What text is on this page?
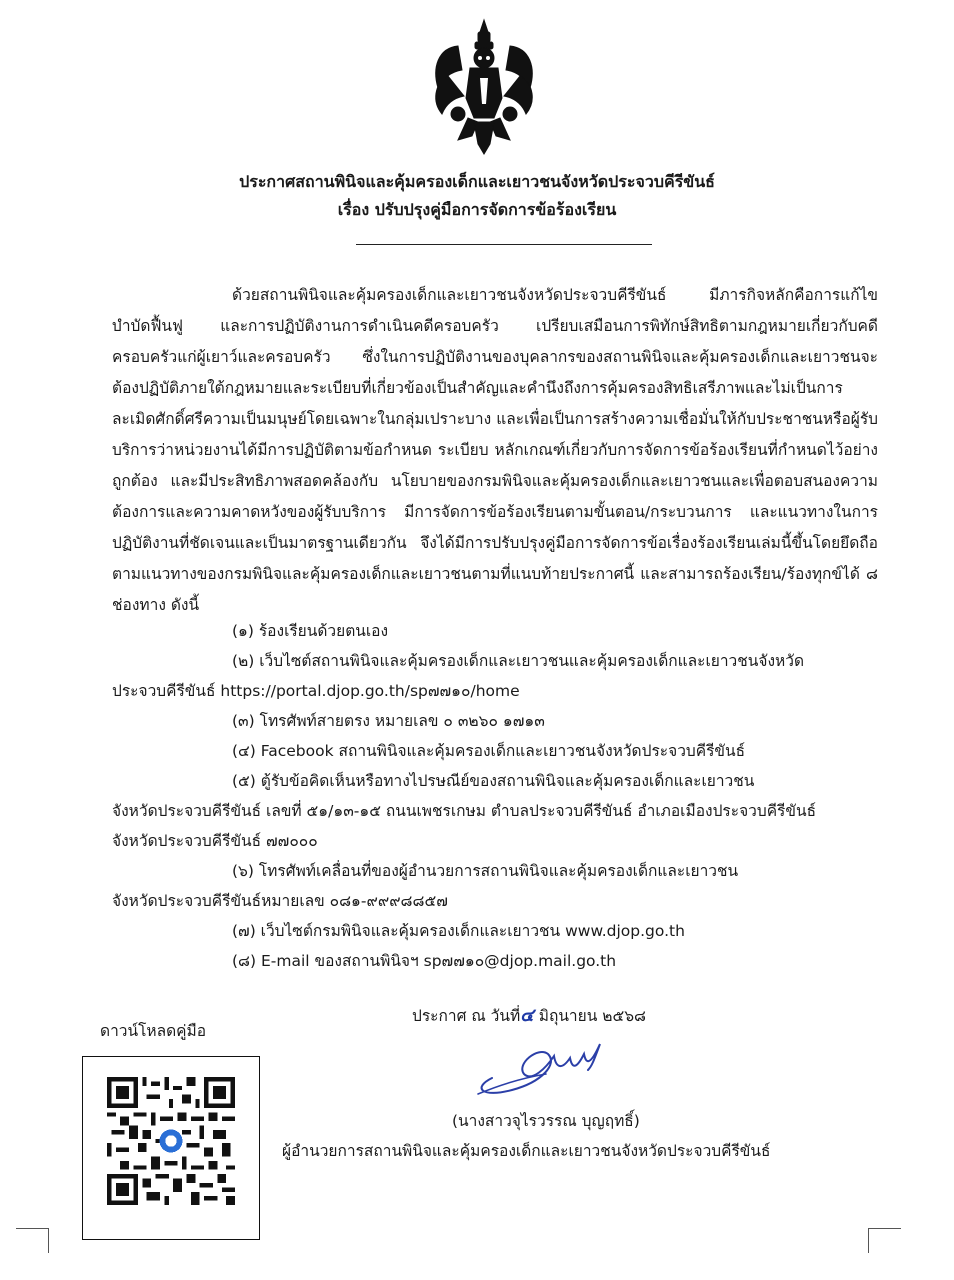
ประกาศสถานพินิจและคุ้มครองเด็กและเยาวชนจังหวัดประจวบคีรีขันธ์
เรื่อง ปรับปรุงคู่มือการจัดการข้อร้องเรียน

ด้วยสถานพินิจและคุ้มครองเด็กและเยาวชนจังหวัดประจวบคีรีขันธ์ มีภารกิจหลักคือการแก้ไขบำบัดฟื้นฟู และการปฏิบัติงานการดำเนินคดีครอบครัว เปรียบเสมือนการพิทักษ์สิทธิตามกฎหมายเกี่ยวกับคดีครอบครัวแก่ผู้เยาว์และครอบครัว ซึ่งในการปฏิบัติงานของบุคลากรของสถานพินิจและคุ้มครองเด็กและเยาวชนจะต้องปฏิบัติภายใต้กฎหมายและระเบียบที่เกี่ยวข้องเป็นสำคัญและคำนึงถึงการคุ้มครองสิทธิเสรีภาพและไม่เป็นการละเมิดศักดิ์ศรีความเป็นมนุษย์โดยเฉพาะในกลุ่มเปราะบาง และเพื่อเป็นการสร้างความเชื่อมั่นให้กับประชาชนหรือผู้รับบริการว่าหน่วยงานได้มีการปฏิบัติตามข้อกำหนด ระเบียบ หลักเกณฑ์เกี่ยวกับการจัดการข้อร้องเรียนที่กำหนดไว้อย่างถูกต้อง และมีประสิทธิภาพสอดคล้องกับ นโยบายของกรมพินิจและคุ้มครองเด็กและเยาวชนและเพื่อตอบสนองความต้องการและความคาดหวังของผู้รับบริการ มีการจัดการข้อร้องเรียนตามขั้นตอน/กระบวนการ และแนวทางในการปฏิบัติงานที่ชัดเจนและเป็นมาตรฐานเดียวกัน จึงได้มีการปรับปรุงคู่มือการจัดการข้อเรื่องร้องเรียนเล่มนี้ขึ้นโดยยึดถือตามแนวทางของกรมพินิจและคุ้มครองเด็กและเยาวชนตามที่แนบท้ายประกาศนี้ และสามารถร้องเรียน/ร้องทุกข์ได้ ๘ ช่องทาง ดังนี้

(๑) ร้องเรียนด้วยตนเอง
(๒) เว็บไซต์สถานพินิจและคุ้มครองเด็กและเยาวชนและคุ้มครองเด็กและเยาวชนจังหวัด
ประจวบคีรีขันธ์ https://portal.djop.go.th/sp๗๗๑๐/home
(๓) โทรศัพท์สายตรง หมายเลข ๐ ๓๒๖๐ ๑๗๑๓
(๔) Facebook สถานพินิจและคุ้มครองเด็กและเยาวชนจังหวัดประจวบคีรีขันธ์
(๕) ตู้รับข้อคิดเห็นหรือทางไปรษณีย์ของสถานพินิจและคุ้มครองเด็กและเยาวชน
จังหวัดประจวบคีรีขันธ์ เลขที่ ๕๑/๑๓-๑๕ ถนนเพชรเกษม ตำบลประจวบคีรีขันธ์ อำเภอเมืองประจวบคีรีขันธ์
จังหวัดประจวบคีรีขันธ์ ๗๗๐๐๐
(๖) โทรศัพท์เคลื่อนที่ของผู้อำนวยการสถานพินิจและคุ้มครองเด็กและเยาวชน
จังหวัดประจวบคีรีขันธ์หมายเลข ๐๘๑-๙๙๙๘๘๕๗
(๗) เว็บไซต์กรมพินิจและคุ้มครองเด็กและเยาวชน www.djop.go.th
(๘) E-mail ของสถานพินิจฯ sp๗๗๑๐@djop.mail.go.th
ประกาศ ณ วันที่๔ มิถุนายน ๒๕๖๘
(นางสาวจุไรวรรณ บุญฤทธิ์)
ผู้อำนวยการสถานพินิจและคุ้มครองเด็กและเยาวชนจังหวัดประจวบคีรีขันธ์
ดาวน์โหลดคู่มือ
